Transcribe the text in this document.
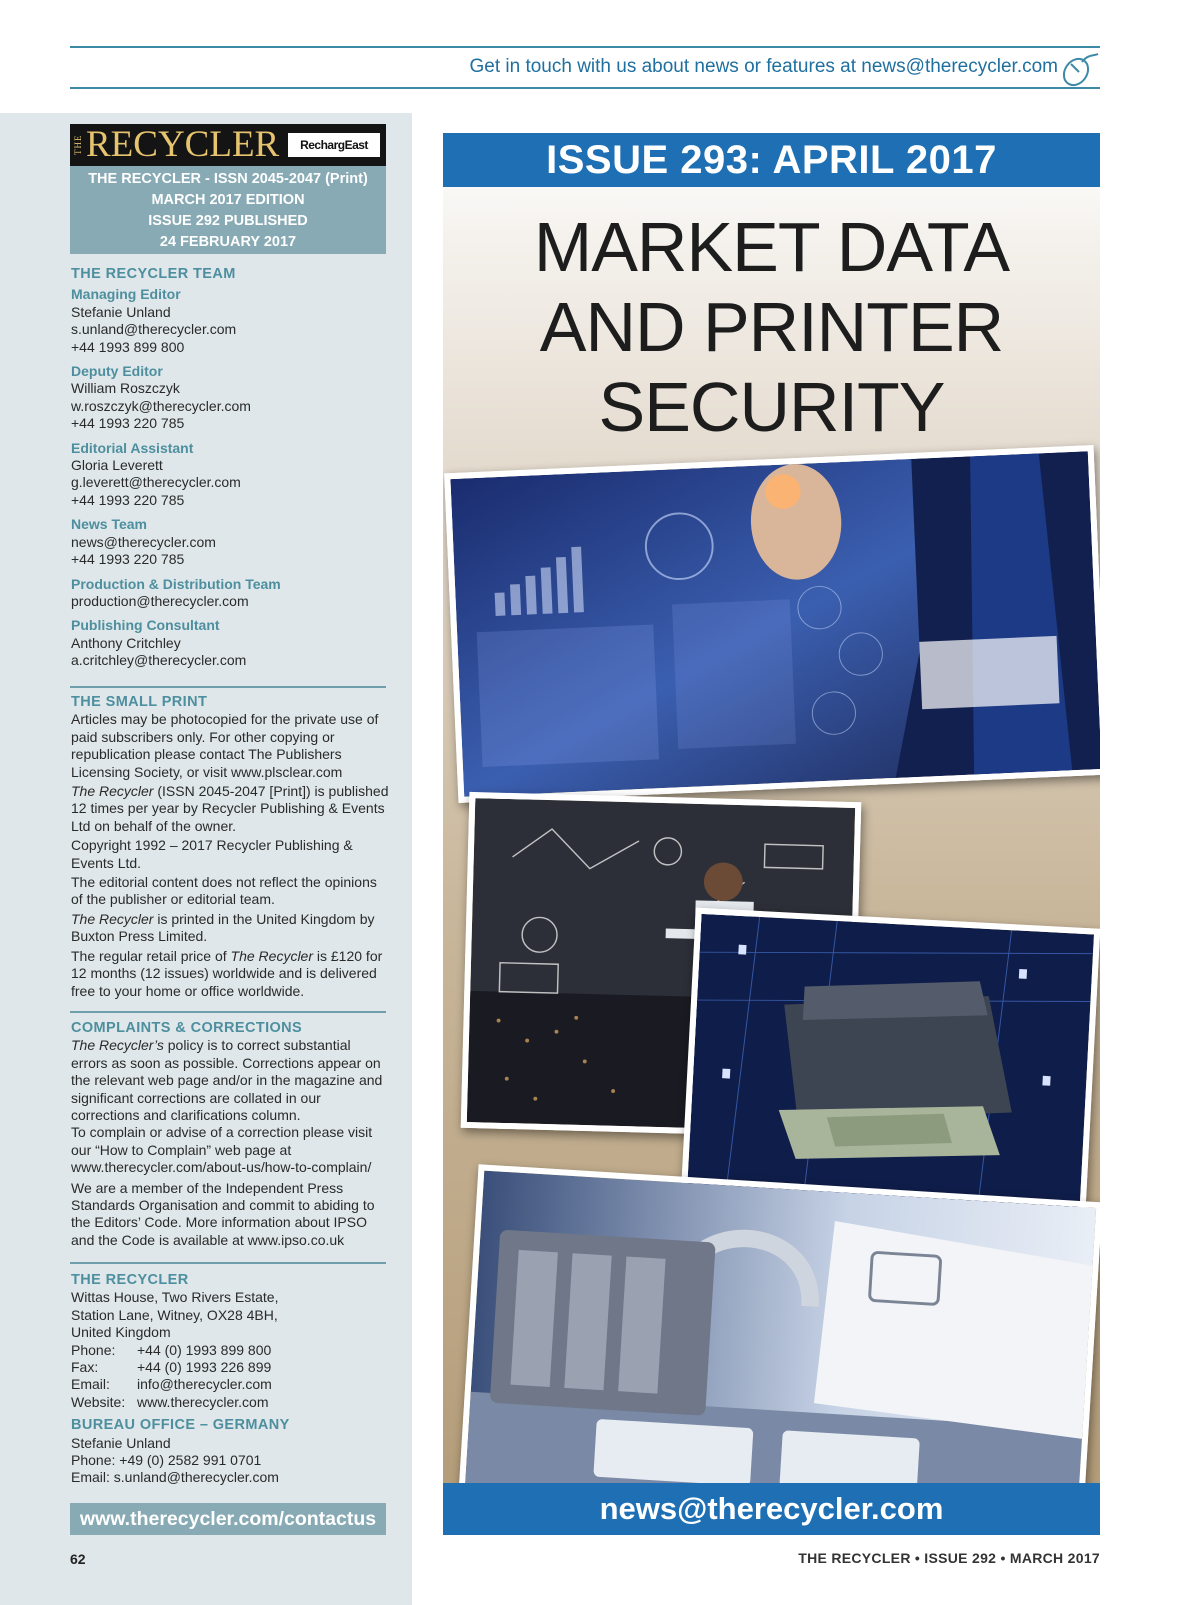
Get in touch with us about news or features at news@therecycler.com
THE RECYCLER	RechargEast
THE RECYCLER - ISSN 2045-2047 (Print)
MARCH 2017 EDITION
ISSUE 292 PUBLISHED
24 FEBRUARY 2017
THE RECYCLER TEAM
Managing Editor
Stefanie Unland
s.unland@therecycler.com
+44 1993 899 800
Deputy Editor
William Roszczyk
w.roszczyk@therecycler.com
+44 1993 220 785
Editorial Assistant
Gloria Leverett
g.leverett@therecycler.com
+44 1993 220 785
News Team
news@therecycler.com
+44 1993 220 785
Production & Distribution Team
production@therecycler.com
Publishing Consultant
Anthony Critchley
a.critchley@therecycler.com
THE SMALL PRINT
Articles may be photocopied for the private use of paid subscribers only. For other copying or republication please contact The Publishers Licensing Society, or visit www.plsclear.com
The Recycler (ISSN 2045-2047 [Print]) is published 12 times per year by Recycler Publishing & Events Ltd on behalf of the owner.
Copyright 1992 – 2017 Recycler Publishing & Events Ltd.
The editorial content does not reflect the opinions of the publisher or editorial team.
The Recycler is printed in the United Kingdom by Buxton Press Limited.
The regular retail price of The Recycler is £120 for 12 months (12 issues) worldwide and is delivered free to your home or office worldwide.
COMPLAINTS & CORRECTIONS
The Recycler’s policy is to correct substantial errors as soon as possible. Corrections appear on the relevant web page and/or in the magazine and significant corrections are collated in our corrections and clarifications column.
To complain or advise of a correction please visit our “How to Complain” web page at www.therecycler.com/about-us/how-to-complain/
We are a member of the Independent Press Standards Organisation and commit to abiding to the Editors’ Code. More information about IPSO and the Code is available at www.ipso.co.uk
THE RECYCLER
Wittas House, Two Rivers Estate,
Station Lane, Witney, OX28 4BH,
United Kingdom
Phone:	+44 (0) 1993 899 800
Fax:	+44 (0) 1993 226 899
Email:	info@therecycler.com
Website: www.therecycler.com
BUREAU OFFICE – GERMANY
Stefanie Unland
Phone: +49 (0) 2582 991 0701
Email: s.unland@therecycler.com
www.therecycler.com/contactus
ISSUE 293: APRIL 2017
MARKET DATA
AND PRINTER
SECURITY
news@therecycler.com
62	THE RECYCLER • ISSUE 292 • MARCH 2017
